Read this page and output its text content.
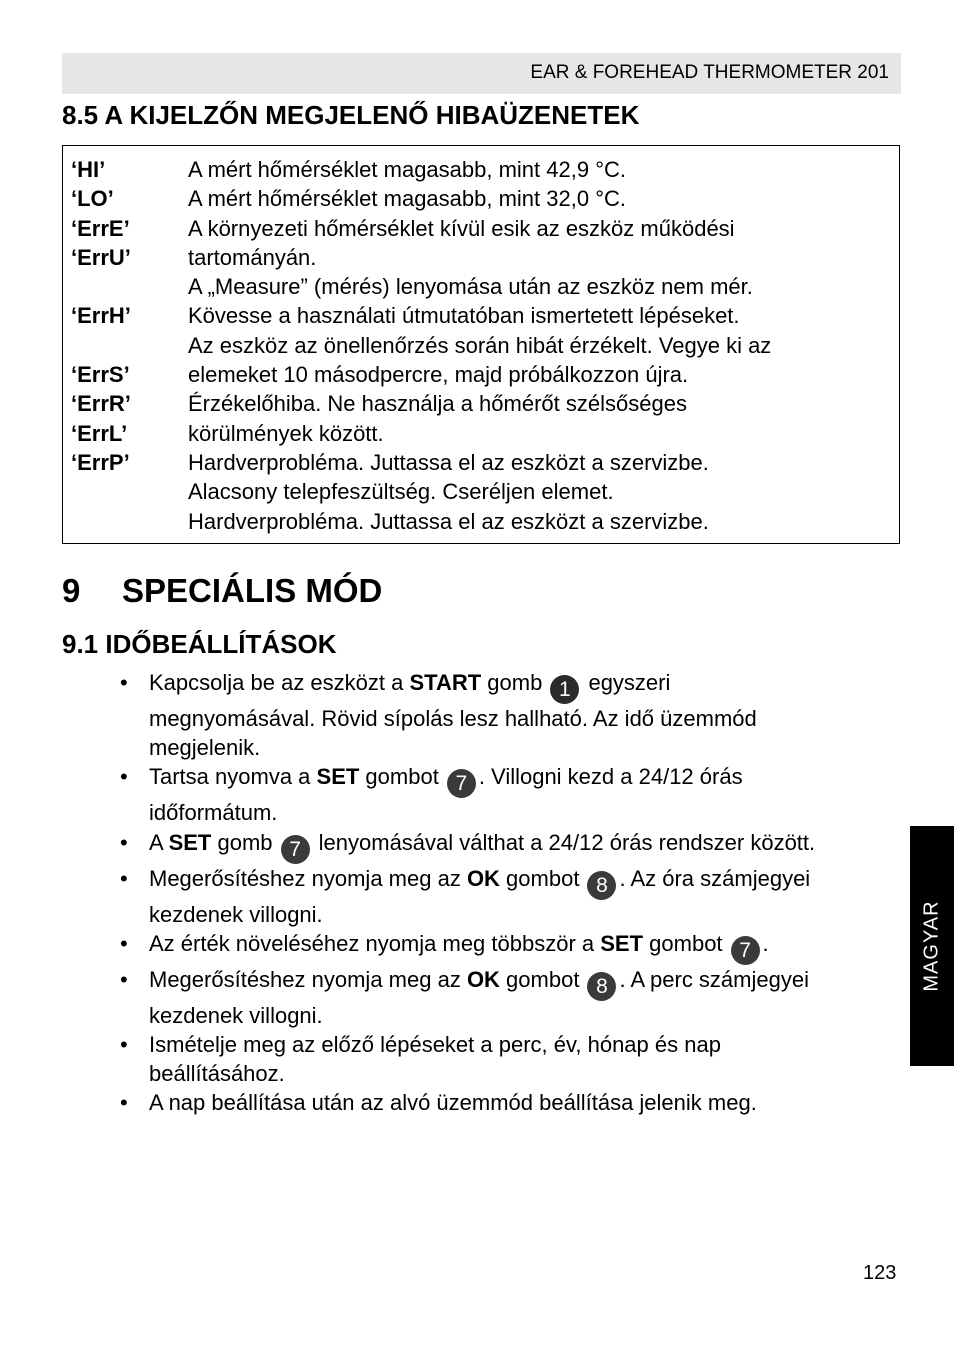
EAR & FOREHEAD THERMOMETER 201
8.5 A KIJELZŐN MEGJELENŐ HIBAÜZENETEK
‘HI’
‘LO’
‘ErrE’
‘ErrU’
‘ErrH’
‘ErrS’
‘ErrR’
‘ErrL’
‘ErrP’
A mért hőmérséklet magasabb, mint 42,9 °C.
A mért hőmérséklet magasabb, mint 32,0 °C.
A környezeti hőmérséklet kívül esik az eszköz működési
tartományán.
A „Measure” (mérés) lenyomása után az eszköz nem mér.
Kövesse a használati útmutatóban ismertetett lépéseket.
Az eszköz az önellenőrzés során hibát érzékelt. Vegye ki az
elemeket 10 másodpercre, majd próbálkozzon újra.
Érzékelőhiba. Ne használja a hőmérőt szélsőséges
körülmények között.
Hardverprobléma. Juttassa el az eszközt a szervizbe.
Alacsony telepfeszültség. Cseréljen elemet.
Hardverprobléma. Juttassa el az eszközt a szervizbe.
9 SPECIÁLIS MÓD
9.1 IDŐBEÁLLÍTÁSOK
• Kapcsolja be az eszközt a START gomb 1 egyszeri
megnyomásával. Rövid sípolás lesz hallható. Az idő üzemmód
megjelenik.
• Tartsa nyomva a SET gombot 7 . Villogni kezd a 24/12 órás
időformátum.
• A SET gomb 7 lenyomásával válthat a 24/12 órás rendszer között.
• Megerősítéshez nyomja meg az OK gombot 8 . Az óra számjegyei
kezdenek villogni.
• Az érték növeléséhez nyomja meg többször a SET gombot 7 .
• Megerősítéshez nyomja meg az OK gombot 8 . A perc számjegyei
kezdenek villogni.
• Ismételje meg az előző lépéseket a perc, év, hónap és nap
beállításához.
• A nap beállítása után az alvó üzemmód beállítása jelenik meg.
MAGYAR
123
